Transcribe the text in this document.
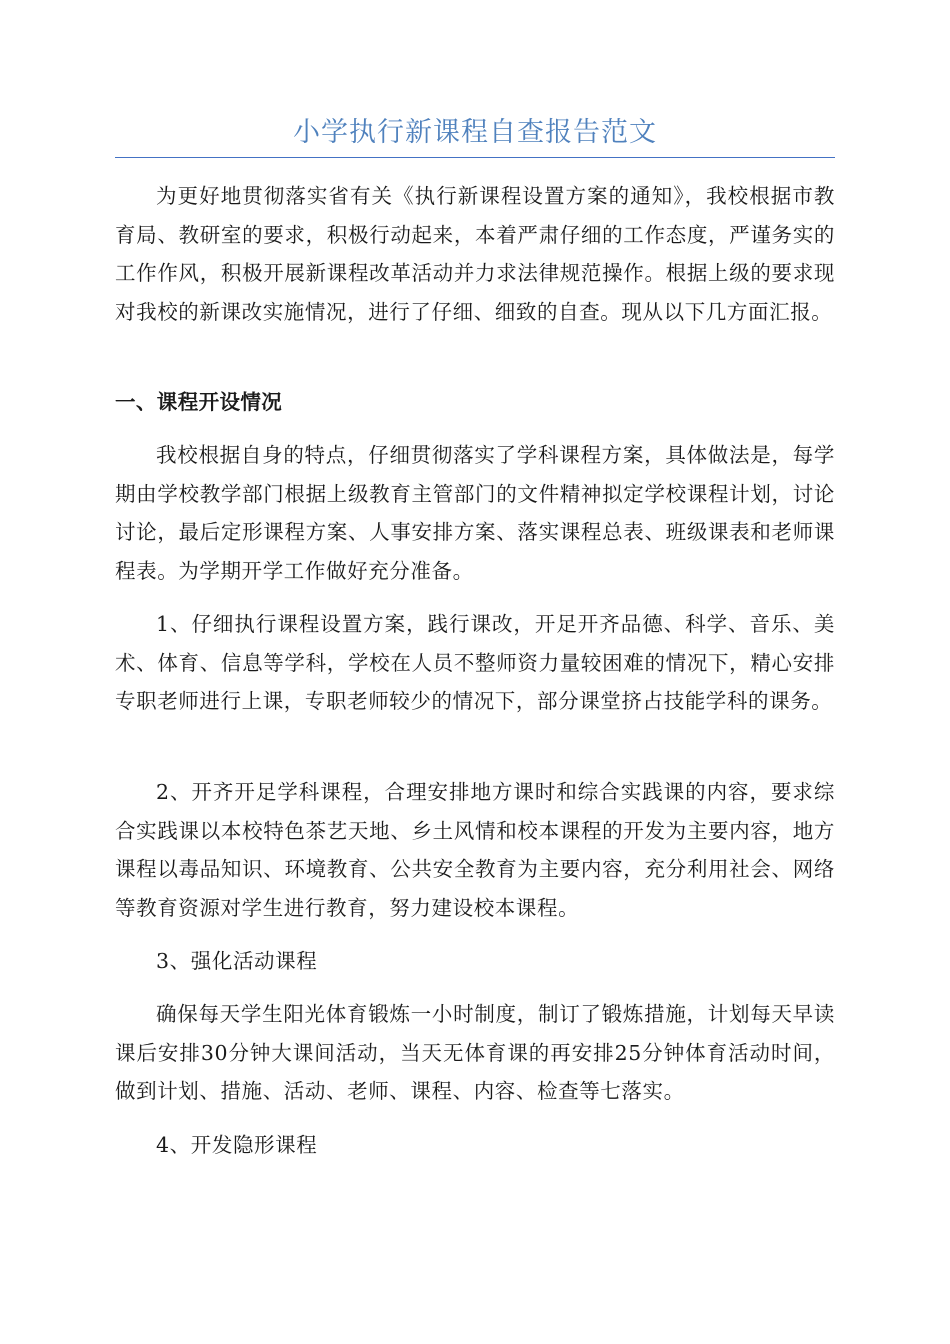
小学执行新课程自查报告范文

为更好地贯彻落实省有关《执行新课程设置方案的通知》，我校根据市教育局、教研室的要求，积极行动起来，本着严肃仔细的工作态度，严谨务实的工作作风，积极开展新课程改革活动并力求法律规范操作。根据上级的要求现对我校的新课改实施情况，进行了仔细、细致的自查。现从以下几方面汇报。

一、课程开设情况

我校根据自身的特点，仔细贯彻落实了学科课程方案，具体做法是，每学期由学校教学部门根据上级教育主管部门的文件精神拟定学校课程计划，讨论讨论，最后定形课程方案、人事安排方案、落实课程总表、班级课表和老师课程表。为学期开学工作做好充分准备。

1、仔细执行课程设置方案，践行课改，开足开齐品德、科学、音乐、美术、体育、信息等学科，学校在人员不整师资力量较困难的情况下，精心安排专职老师进行上课，专职老师较少的情况下，部分课堂挤占技能学科的课务。

2、开齐开足学科课程，合理安排地方课时和综合实践课的内容，要求综合实践课以本校特色茶艺天地、乡土风情和校本课程的开发为主要内容，地方课程以毒品知识、环境教育、公共安全教育为主要内容，充分利用社会、网络等教育资源对学生进行教育，努力建设校本课程。

3、强化活动课程

确保每天学生阳光体育锻炼一小时制度，制订了锻炼措施，计划每天早读课后安排30分钟大课间活动，当天无体育课的再安排25分钟体育活动时间，做到计划、措施、活动、老师、课程、内容、检查等七落实。

4、开发隐形课程
